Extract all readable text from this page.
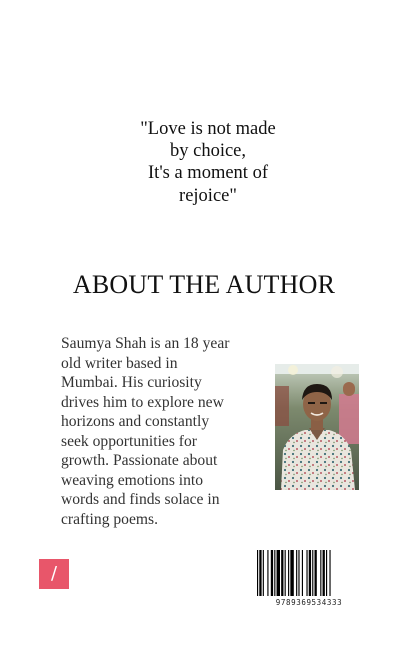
"Love is not made
by choice,
It's a moment of
rejoice"
ABOUT THE AUTHOR
Saumya Shah is an 18 year
old writer based in
Mumbai. His curiosity
drives him to explore new
horizons and constantly
seek opportunities for
growth. Passionate about
weaving emotions into
words and finds solace in
crafting poems.
/
9789369534333
